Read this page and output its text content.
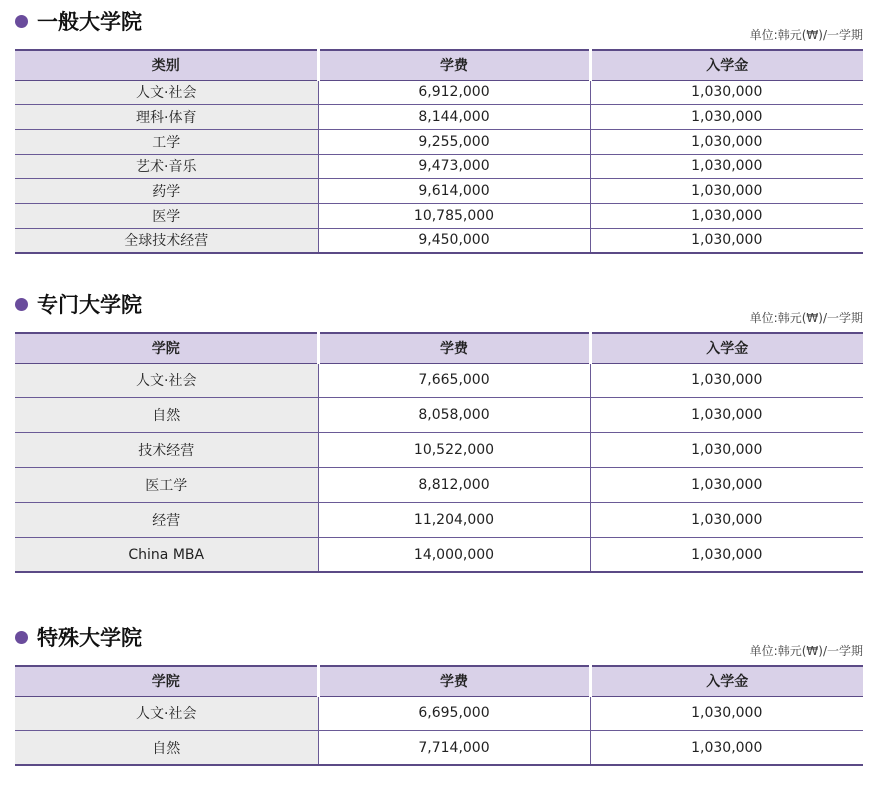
一般大学院
单位:韩元(₩)/一学期
类别	学费	入学金
人文·社会	6,912,000	1,030,000
理科·体育	8,144,000	1,030,000
工学	9,255,000	1,030,000
艺术·音乐	9,473,000	1,030,000
药学	9,614,000	1,030,000
医学	10,785,000	1,030,000
全球技术经营	9,450,000	1,030,000
专门大学院
单位:韩元(₩)/一学期
学院	学费	入学金
人文·社会	7,665,000	1,030,000
自然	8,058,000	1,030,000
技术经营	10,522,000	1,030,000
医工学	8,812,000	1,030,000
经营	11,204,000	1,030,000
China MBA	14,000,000	1,030,000
特殊大学院
单位:韩元(₩)/一学期
学院	学费	入学金
人文·社会	6,695,000	1,030,000
自然	7,714,000	1,030,000
